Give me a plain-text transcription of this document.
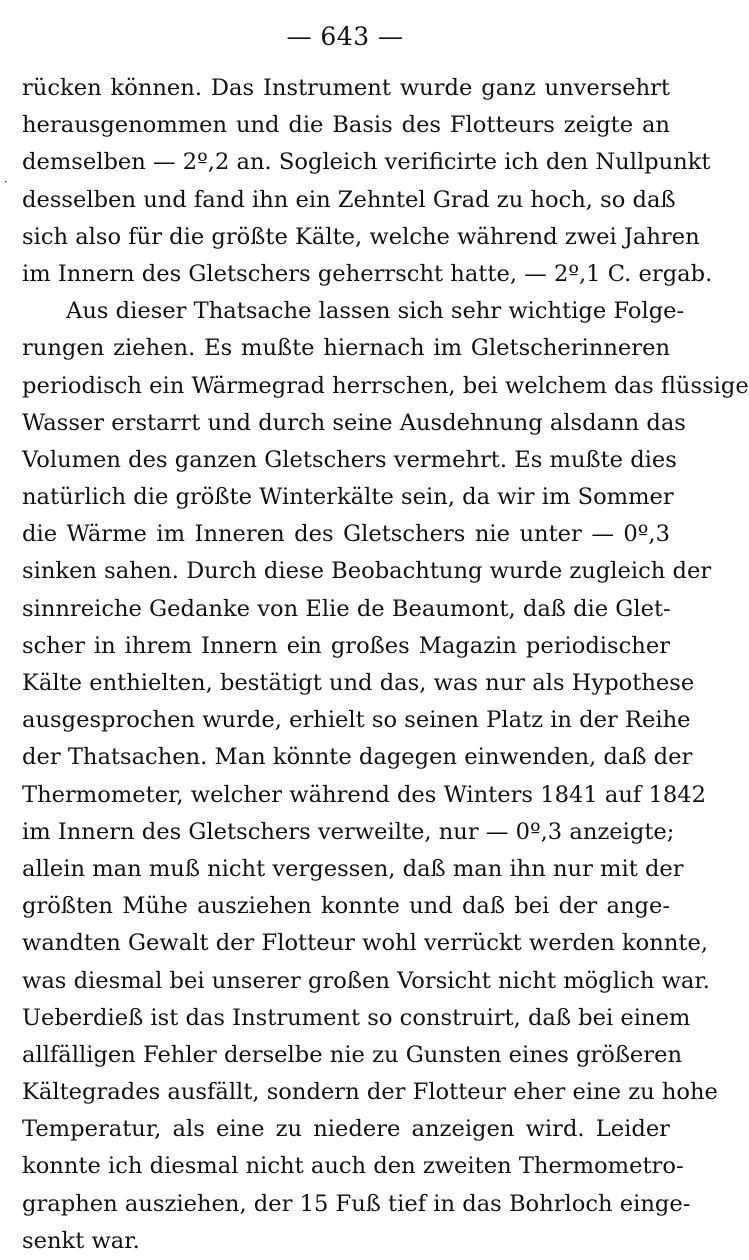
— 643 —
·
rücken können. Das Instrument wurde ganz unversehrt
herausgenommen und die Basis des Flotteurs zeigte an
demselben — 2º,2 an. Sogleich verificirte ich den Nullpunkt
desselben und fand ihn ein Zehntel Grad zu hoch, so daß
sich also für die größte Kälte, welche während zwei Jahren
im Innern des Gletschers geherrscht hatte, — 2º,1 C. ergab.
Aus dieser Thatsache lassen sich sehr wichtige Folge-
rungen ziehen. Es mußte hiernach im Gletscherinneren
periodisch ein Wärmegrad herrschen, bei welchem das flüssige
Wasser erstarrt und durch seine Ausdehnung alsdann das
Volumen des ganzen Gletschers vermehrt. Es mußte dies
natürlich die größte Winterkälte sein, da wir im Sommer
die Wärme im Inneren des Gletschers nie unter — 0º,3
sinken sahen. Durch diese Beobachtung wurde zugleich der
sinnreiche Gedanke von Elie de Beaumont, daß die Glet-
scher in ihrem Innern ein großes Magazin periodischer
Kälte enthielten, bestätigt und das, was nur als Hypothese
ausgesprochen wurde, erhielt so seinen Platz in der Reihe
der Thatsachen. Man könnte dagegen einwenden, daß der
Thermometer, welcher während des Winters 1841 auf 1842
im Innern des Gletschers verweilte, nur — 0º,3 anzeigte;
allein man muß nicht vergessen, daß man ihn nur mit der
größten Mühe ausziehen konnte und daß bei der ange-
wandten Gewalt der Flotteur wohl verrückt werden konnte,
was diesmal bei unserer großen Vorsicht nicht möglich war.
Ueberdieß ist das Instrument so construirt, daß bei einem
allfälligen Fehler derselbe nie zu Gunsten eines größeren
Kältegrades ausfällt, sondern der Flotteur eher eine zu hohe
Temperatur, als eine zu niedere anzeigen wird. Leider
konnte ich diesmal nicht auch den zweiten Thermometro-
graphen ausziehen, der 15 Fuß tief in das Bohrloch einge-
senkt war.
